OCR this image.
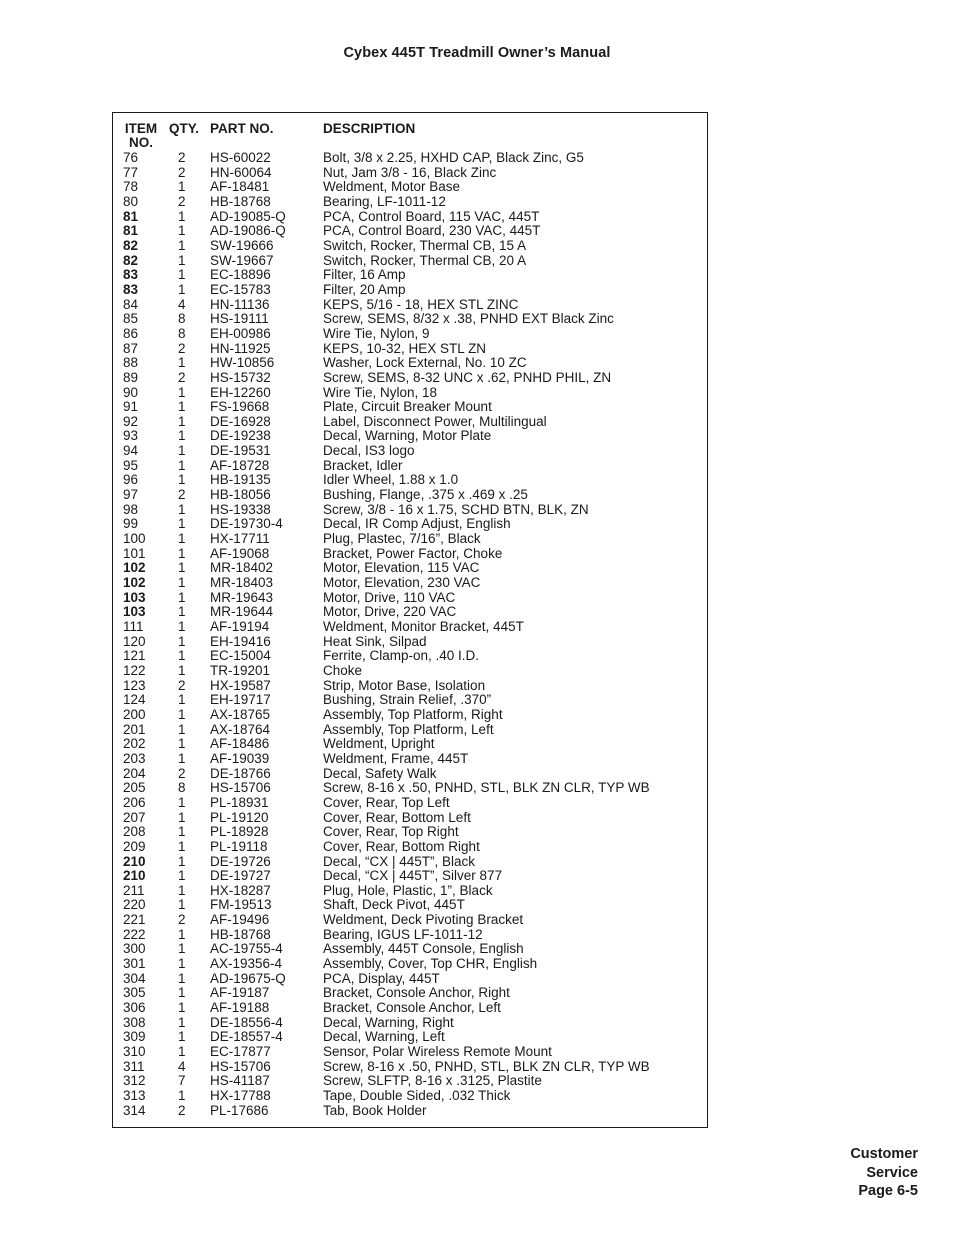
Cybex 445T Treadmill Owner’s Manual
ITEM NO.
QTY. PART NO.	DESCRIPTION
76	2 HS-60022	Bolt, 3/8 x 2.25, HXHD CAP, Black Zinc, G5
77	2 HN-60064	Nut, Jam 3/8 - 16, Black Zinc
78	1 AF-18481	Weldment, Motor Base
80	2 HB-18768	Bearing, LF-1011-12
81	1 AD-19085-Q	PCA, Control Board, 115 VAC, 445T
81	1 AD-19086-Q	PCA, Control Board, 230 VAC, 445T
82	1 SW-19666	Switch, Rocker, Thermal CB, 15 A
82	1 SW-19667	Switch, Rocker, Thermal CB, 20 A
83	1 EC-18896	Filter, 16 Amp
83	1 EC-15783	Filter, 20 Amp
84	4 HN-11136	KEPS, 5/16 - 18, HEX STL ZINC
85	8 HS-19111	Screw, SEMS, 8/32 x .38, PNHD EXT Black Zinc
86	8 EH-00986	Wire Tie, Nylon, 9
87	2 HN-11925	KEPS, 10-32, HEX STL ZN
88	1 HW-10856	Washer, Lock External, No. 10 ZC
89	2 HS-15732	Screw, SEMS, 8-32 UNC x .62, PNHD PHIL, ZN
90	1 EH-12260	Wire Tie, Nylon, 18
91	1 FS-19668	Plate, Circuit Breaker Mount
92	1 DE-16928	Label, Disconnect Power, Multilingual
93	1 DE-19238	Decal, Warning, Motor Plate
94	1 DE-19531	Decal, IS3 logo
95	1 AF-18728	Bracket, Idler
96	1 HB-19135	Idler Wheel, 1.88 x 1.0
97	2 HB-18056	Bushing, Flange, .375 x .469 x .25
98	1 HS-19338	Screw, 3/8 - 16 x 1.75, SCHD BTN, BLK, ZN
99	1 DE-19730-4	Decal, IR Comp Adjust, English
100 1 HX-17711	Plug, Plastec, 7/16”, Black
101 1 AF-19068	Bracket, Power Factor, Choke
102 1 MR-18402	Motor, Elevation, 115 VAC
102 1 MR-18403	Motor, Elevation, 230 VAC
103 1 MR-19643	Motor, Drive, 110 VAC
103 1 MR-19644	Motor, Drive, 220 VAC
111	1 AF-19194	Weldment, Monitor Bracket, 445T
120 1 EH-19416	Heat Sink, Silpad
121 1 EC-15004	Ferrite, Clamp-on, .40 I.D.
122 1 TR-19201	Choke
123 2 HX-19587	Strip, Motor Base, Isolation
124 1 EH-19717	Bushing, Strain Relief, .370”
200 1 AX-18765	Assembly, Top Platform, Right
201 1 AX-18764	Assembly, Top Platform, Left
202 1 AF-18486	Weldment, Upright
203 1 AF-19039	Weldment, Frame, 445T
204 2 DE-18766	Decal, Safety Walk
205 8 HS-15706	Screw, 8-16 x .50, PNHD, STL, BLK ZN CLR, TYP WB
206 1 PL-18931	Cover, Rear, Top Left
207 1 PL-19120	Cover, Rear, Bottom Left
208 1 PL-18928	Cover, Rear, Top Right
209 1 PL-19118	Cover, Rear, Bottom Right
210 1 DE-19726	Decal, “CX | 445T”, Black
210 1 DE-19727	Decal, “CX | 445T”, Silver 877
211 1 HX-18287	Plug, Hole, Plastic, 1”, Black
220 1 FM-19513	Shaft, Deck Pivot, 445T
221 2 AF-19496	Weldment, Deck Pivoting Bracket
222 1 HB-18768	Bearing, IGUS LF-1011-12
300 1 AC-19755-4	Assembly, 445T Console, English
301 1 AX-19356-4	Assembly, Cover, Top CHR, English
304 1 AD-19675-Q	PCA, Display, 445T
305 1 AF-19187	Bracket, Console Anchor, Right
306 1 AF-19188	Bracket, Console Anchor, Left
308 1 DE-18556-4	Decal, Warning, Right
309 1 DE-18557-4	Decal, Warning, Left
310 1 EC-17877	Sensor, Polar Wireless Remote Mount
311 4 HS-15706	Screw, 8-16 x .50, PNHD, STL, BLK ZN CLR, TYP WB
312 7 HS-41187	Screw, SLFTP, 8-16 x .3125, Plastite
313 1 HX-17788	Tape, Double Sided, .032 Thick
314 2 PL-17686	Tab, Book Holder
Customer
Service
Page 6-5
